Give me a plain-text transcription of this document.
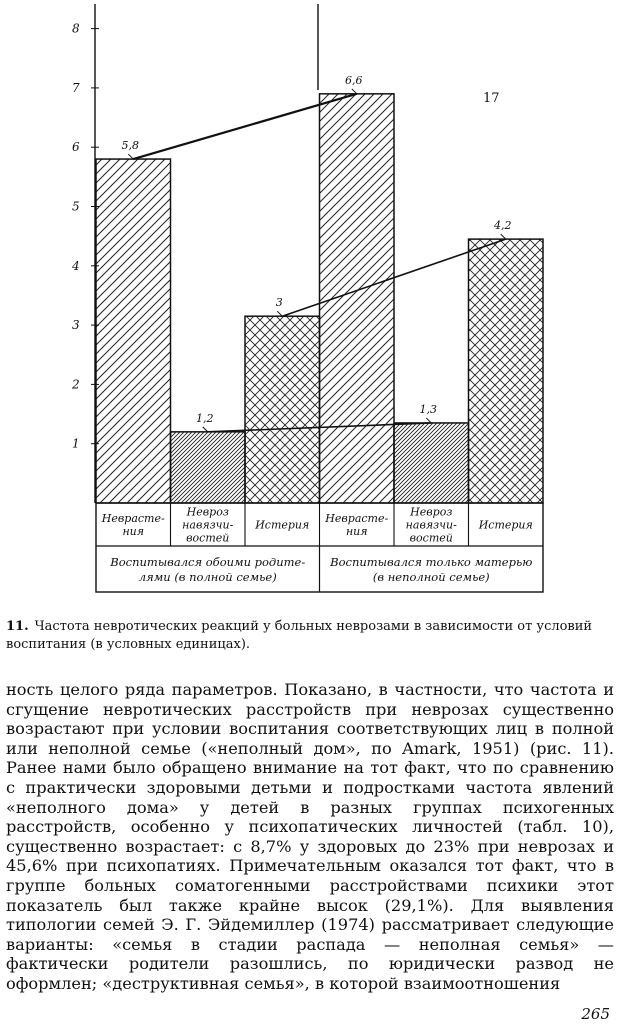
1
2
3
4
5
6
7
8
17
5,8
1,2
3
6,6
1,3
4,2
Неврасте-ния
Невроз навязчи-востей
Истерия Неврасте-ния
Невроз навязчи-востей
Истерия
Воспитывался обоими родите-лями (в полной семье)
Воспитывался только матерью (в неполной семье)
11. Частота невротических реакций у больных неврозами в зависимости от условий воспитания (в условных единицах).

ность целого ряда параметров. Показано, в частности, что частота и сгущение невротических расстройств при неврозах существенно возрастают при условии воспитания соответствующих лиц в полной или неполной семье («неполный дом», по Amark, 1951) (рис. 11). Ранее нами было обращено внимание на тот факт, что по сравнению с практически здоровыми детьми и подростками частота явлений «неполного дома» у детей в разных группах психогенных расстройств, особенно у психопатических личностей (табл. 10), существенно возрастает: с 8,7% у здоровых до 23% при неврозах и 45,6% при психопатиях. Примечательным оказался тот факт, что в группе больных соматогенными расстройствами психики этот показатель был также крайне высок (29,1%). Для выявления типологии семей Э. Г. Эйдемиллер (1974) рассматривает следующие варианты: «семья в стадии распада — неполная семья» — фактически родители разошлись, по юридически развод не оформлен; «деструктивная семья», в которой взаимоотношения

265
